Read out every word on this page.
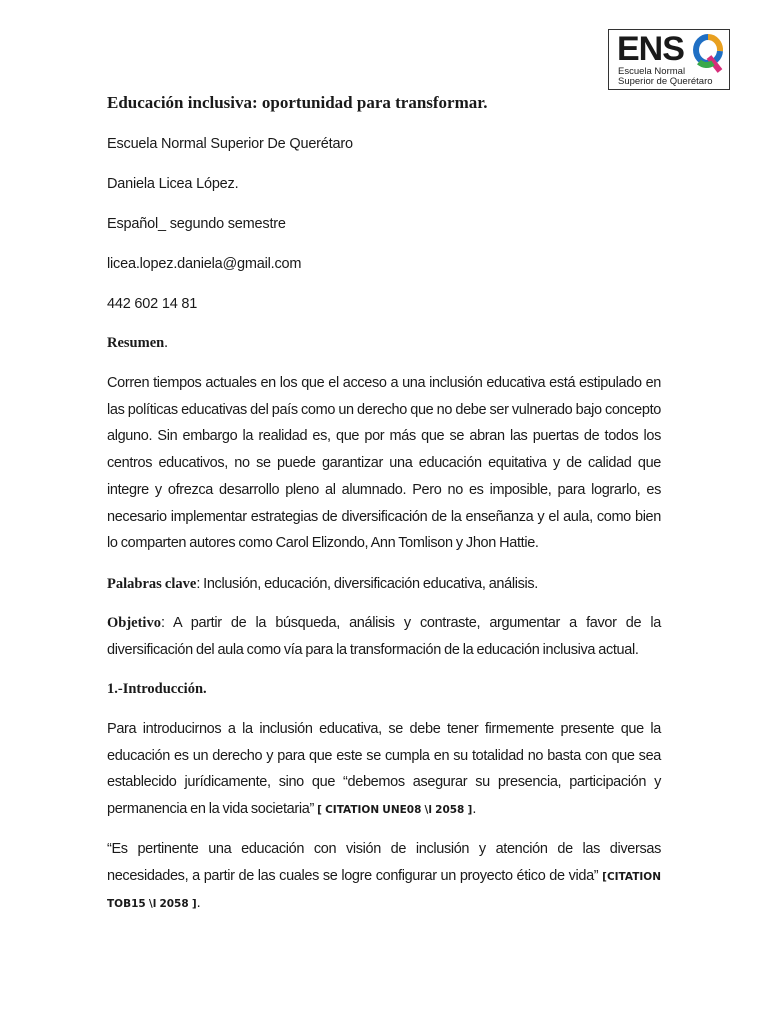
ENS
Escuela Normal
Superior de Querétaro
Educación inclusiva: oportunidad para transformar.
Escuela Normal Superior De Querétaro
Daniela Licea López.
Español_ segundo semestre
licea.lopez.daniela@gmail.com
442 602 14 81
Resumen.
Corren tiempos actuales en los que el acceso a una inclusión educativa está estipulado en las políticas educativas del país como un derecho que no debe ser vulnerado bajo concepto alguno. Sin embargo la realidad es, que por más que se abran las puertas de todos los centros educativos, no se puede garantizar una educación equitativa y de calidad que integre y ofrezca desarrollo pleno al alumnado. Pero no es imposible, para lograrlo, es necesario implementar estrategias de diversificación de la enseñanza y el aula, como bien lo comparten autores como Carol Elizondo, Ann Tomlison y Jhon Hattie.
Palabras clave: Inclusión, educación, diversificación educativa, análisis.
Objetivo: A partir de la búsqueda, análisis y contraste, argumentar a favor de la diversificación del aula como vía para la transformación de la educación inclusiva actual.
1.-Introducción.
Para introducirnos a la inclusión educativa, se debe tener firmemente presente que la educación es un derecho y para que este se cumpla en su totalidad no basta con que sea establecido jurídicamente, sino que “debemos asegurar su presencia, participación y permanencia en la vida societaria” [ CITATION UNE08 \l 2058 ].
“Es pertinente una educación con visión de inclusión y atención de las diversas necesidades, a partir de las cuales se logre configurar un proyecto ético de vida” [CITATION TOB15 \l 2058 ].
